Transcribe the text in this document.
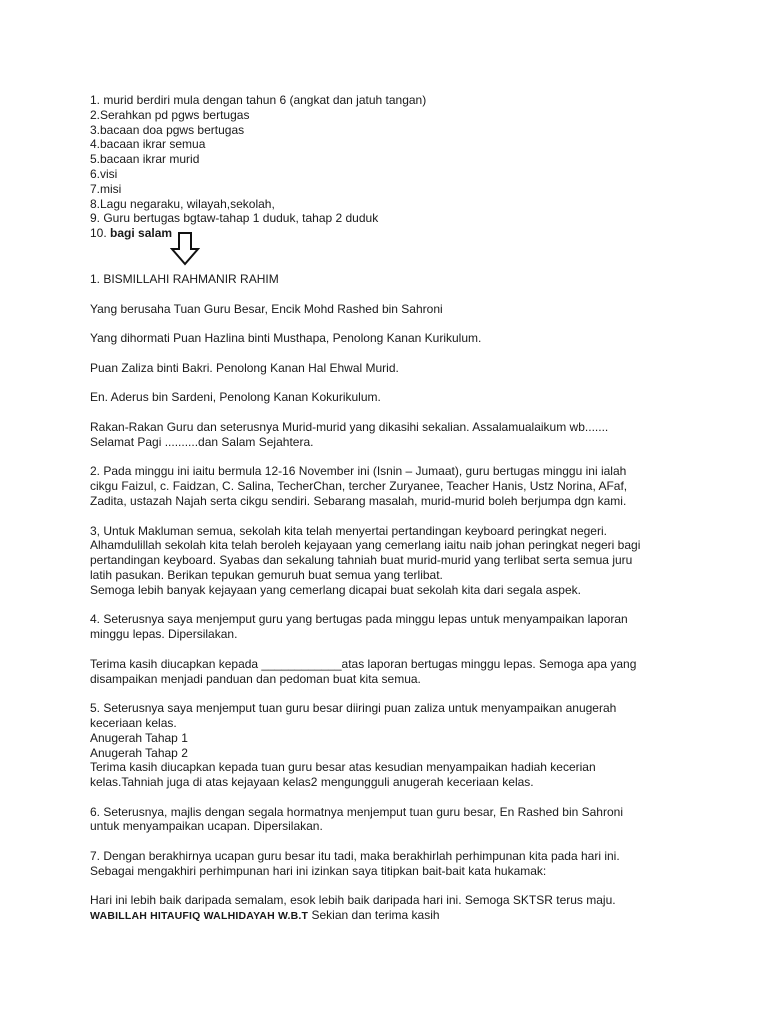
1. murid berdiri mula dengan tahun 6 (angkat dan jatuh tangan)
2.Serahkan pd pgws bertugas
3.bacaan doa pgws bertugas
4.bacaan ikrar semua
5.bacaan ikrar murid
6.visi
7.misi
8.Lagu negaraku, wilayah,sekolah,
9. Guru bertugas bgtaw-tahap 1 duduk, tahap 2 duduk
10. bagi salam
1. BISMILLAHI RAHMANIR RAHIM
Yang berusaha Tuan Guru Besar, Encik Mohd Rashed bin Sahroni
Yang dihormati Puan Hazlina binti Musthapa, Penolong Kanan Kurikulum.
Puan Zaliza binti Bakri. Penolong Kanan Hal Ehwal Murid.
En. Aderus bin Sardeni, Penolong Kanan Kokurikulum.
Rakan-Rakan Guru dan seterusnya Murid-murid yang dikasihi sekalian. Assalamualaikum wb.......
Selamat Pagi ..........dan Salam Sejahtera.
2. Pada minggu ini iaitu bermula 12-16 November ini (Isnin – Jumaat), guru bertugas minggu ini ialah
cikgu Faizul, c. Faidzan, C. Salina, TecherChan, tercher Zuryanee, Teacher Hanis, Ustz Norina, AFaf,
Zadita, ustazah Najah serta cikgu sendiri. Sebarang masalah, murid-murid boleh berjumpa dgn kami.
3, Untuk Makluman semua, sekolah kita telah menyertai pertandingan keyboard peringkat negeri.
Alhamdulillah sekolah kita telah beroleh kejayaan yang cemerlang iaitu naib johan peringkat negeri bagi
pertandingan keyboard. Syabas dan sekalung tahniah buat murid-murid yang terlibat serta semua juru
latih pasukan. Berikan tepukan gemuruh buat semua yang terlibat.
Semoga lebih banyak kejayaan yang cemerlang dicapai buat sekolah kita dari segala aspek.
4. Seterusnya saya menjemput guru yang bertugas pada minggu lepas untuk menyampaikan laporan
minggu lepas. Dipersilakan.
Terima kasih diucapkan kepada ____________atas laporan bertugas minggu lepas. Semoga apa yang
disampaikan menjadi panduan dan pedoman buat kita semua.
5. Seterusnya saya menjemput tuan guru besar diiringi puan zaliza untuk menyampaikan anugerah
keceriaan kelas.
Anugerah Tahap 1
Anugerah Tahap 2
Terima kasih diucapkan kepada tuan guru besar atas kesudian menyampaikan hadiah kecerian
kelas.Tahniah juga di atas kejayaan kelas2 mengungguli anugerah keceriaan kelas.
6. Seterusnya, majlis dengan segala hormatnya menjemput tuan guru besar, En Rashed bin Sahroni
untuk menyampaikan ucapan. Dipersilakan.
7. Dengan berakhirnya ucapan guru besar itu tadi, maka berakhirlah perhimpunan kita pada hari ini.
Sebagai mengakhiri perhimpunan hari ini izinkan saya titipkan bait-bait kata hukamak:
Hari ini lebih baik daripada semalam, esok lebih baik daripada hari ini. Semoga SKTSR terus maju.
WABILLAH HITAUFIQ WALHIDAYAH W.B.T Sekian dan terima kasih
